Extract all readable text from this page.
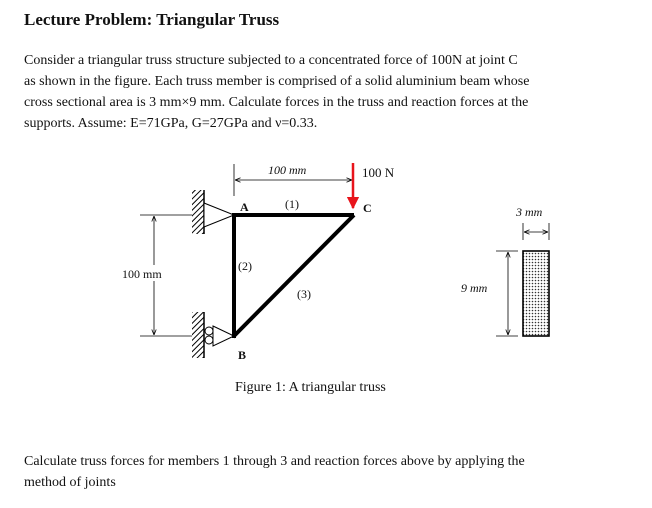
Lecture Problem: Triangular Truss

Consider a triangular truss structure subjected to a concentrated force of 100N at joint C
as shown in the figure. Each truss member is comprised of a solid aluminium beam whose
cross sectional area is 3 mm×9 mm. Calculate forces in the truss and reaction forces at the
supports. Assume: E=71GPa, G=27GPa and ν=0.33.

100 mm	100 N
100 mm
A
B
C
(1)
(2)
(3)
3 mm
9 mm
Figure 1: A triangular truss

Calculate truss forces for members 1 through 3 and reaction forces above by applying the
method of joints
